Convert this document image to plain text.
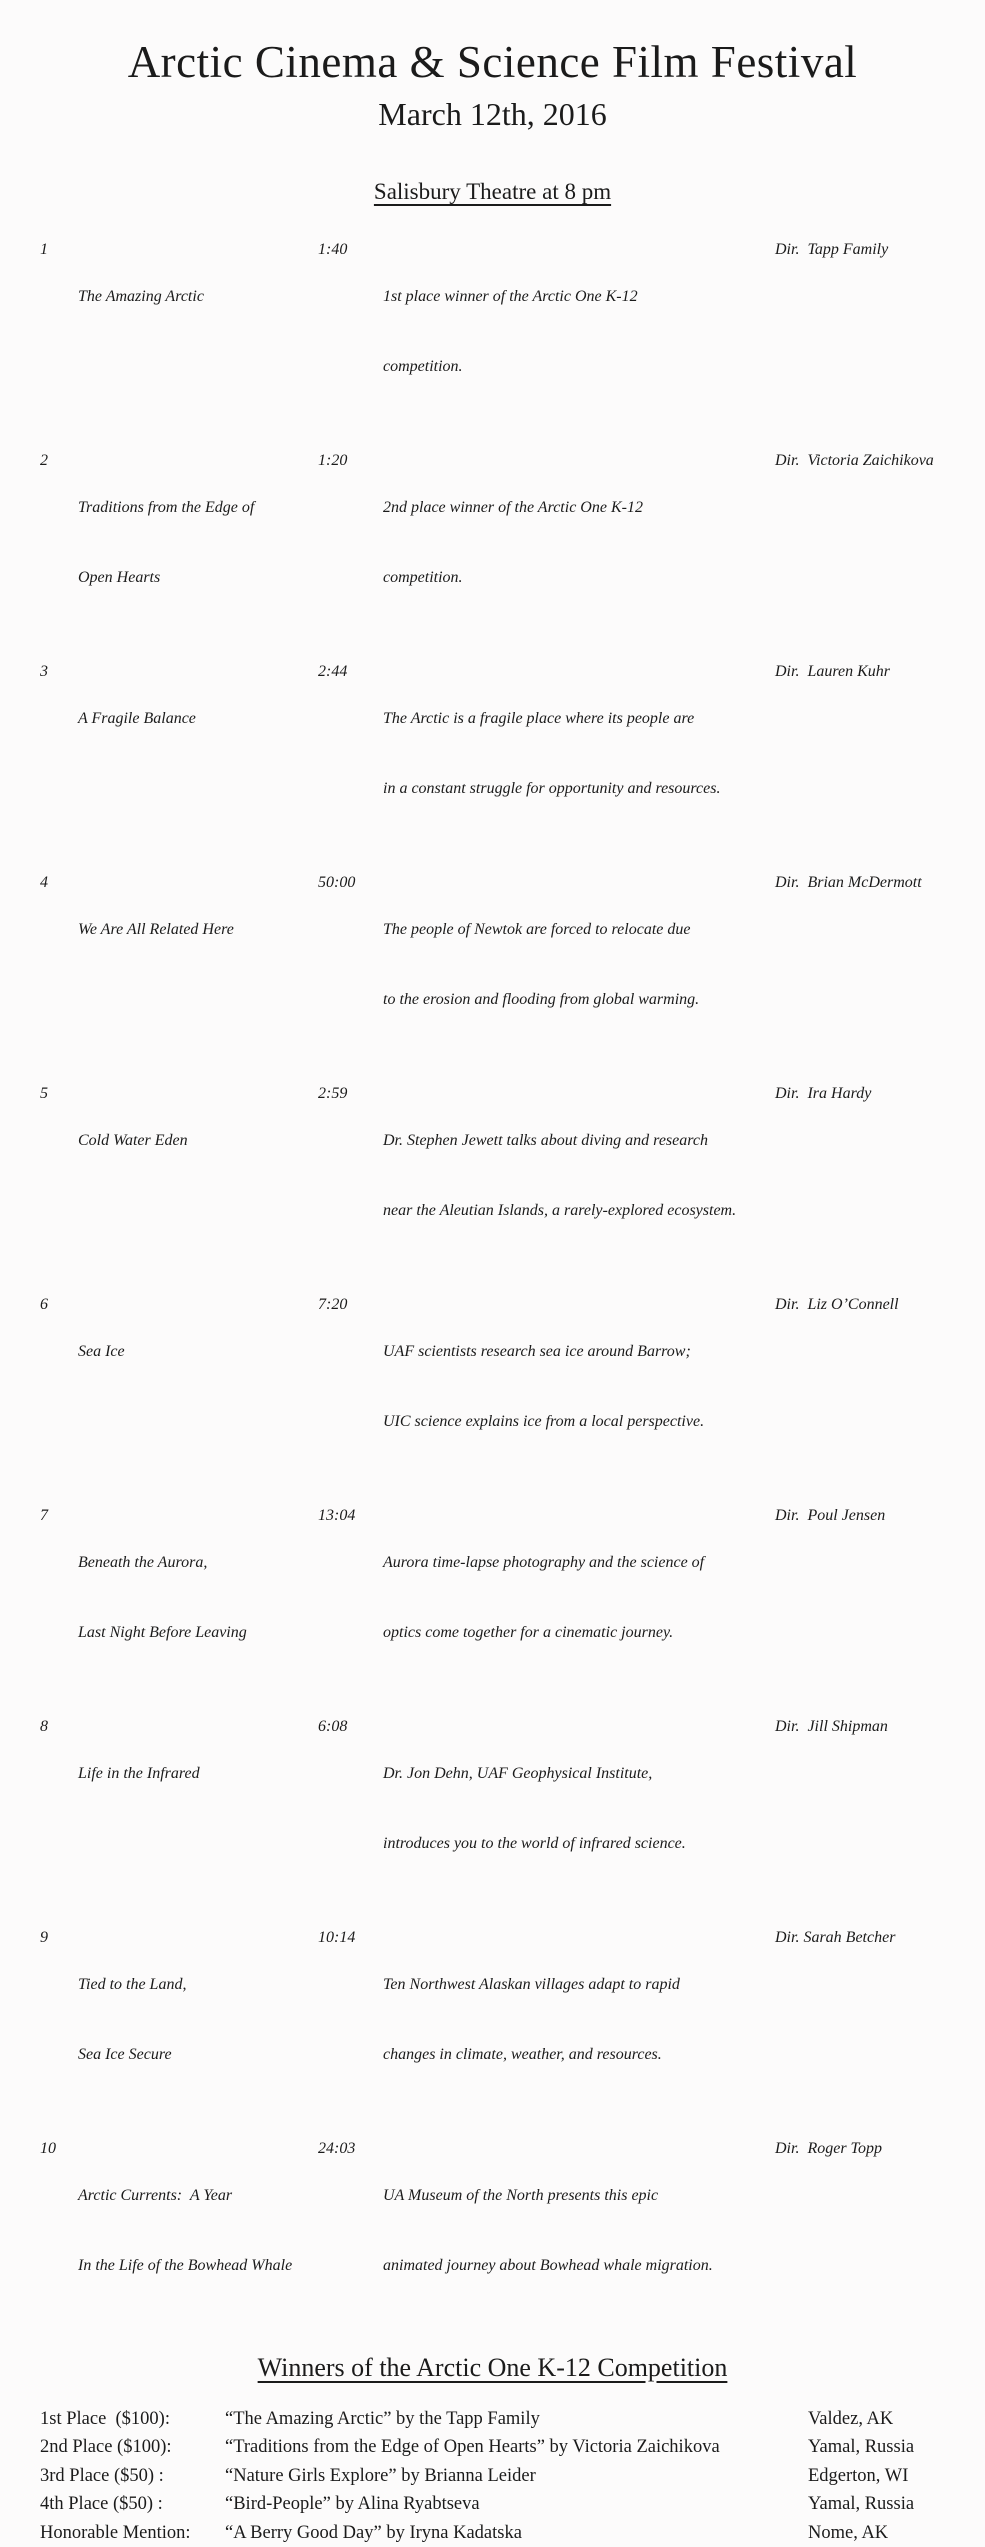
Arctic Cinema & Science Film Festival
March 12th, 2016
Salisbury Theatre at 8 pm
1

The Amazing Arctic

1:40

1st place winner of the Arctic One K-12

competition.

Dir.  Tapp Family
2

Traditions from the Edge of

Open Hearts

1:20

2nd place winner of the Arctic One K-12

competition.

Dir.  Victoria Zaichikova
3

A Fragile Balance

2:44

The Arctic is a fragile place where its people are

in a constant struggle for opportunity and resources.

Dir.  Lauren Kuhr
4

We Are All Related Here

50:00

The people of Newtok are forced to relocate due

to the erosion and flooding from global warming.

Dir.  Brian McDermott
5

Cold Water Eden

2:59

Dr. Stephen Jewett talks about diving and research

near the Aleutian Islands, a rarely-explored ecosystem.

Dir.  Ira Hardy
6

Sea Ice

7:20

UAF scientists research sea ice around Barrow;

UIC science explains ice from a local perspective.

Dir.  Liz O’Connell
7

Beneath the Aurora,

Last Night Before Leaving

13:04

Aurora time-lapse photography and the science of

optics come together for a cinematic journey.

Dir.  Poul Jensen
8

Life in the Infrared

6:08

Dr. Jon Dehn, UAF Geophysical Institute,

introduces you to the world of infrared science.

Dir.  Jill Shipman
9

Tied to the Land,

Sea Ice Secure

10:14

Ten Northwest Alaskan villages adapt to rapid

changes in climate, weather, and resources.

Dir. Sarah Betcher
10

Arctic Currents:  A Year

In the Life of the Bowhead Whale

24:03

UA Museum of the North presents this epic

animated journey about Bowhead whale migration.

Dir.  Roger Topp
Winners of the Arctic One K-12 Competition
1st Place  ($100):	“The Amazing Arctic” by the Tapp Family	Valdez, AK
2nd Place ($100):	“Traditions from the Edge of Open Hearts” by Victoria Zaichikova	Yamal, Russia
3rd Place ($50) :	“Nature Girls Explore” by Brianna Leider	Edgerton, WI
4th Place ($50) :	“Bird-People” by Alina Ryabtseva	Yamal, Russia
Honorable Mention:	“A Berry Good Day” by Iryna Kadatska	Nome, AK
